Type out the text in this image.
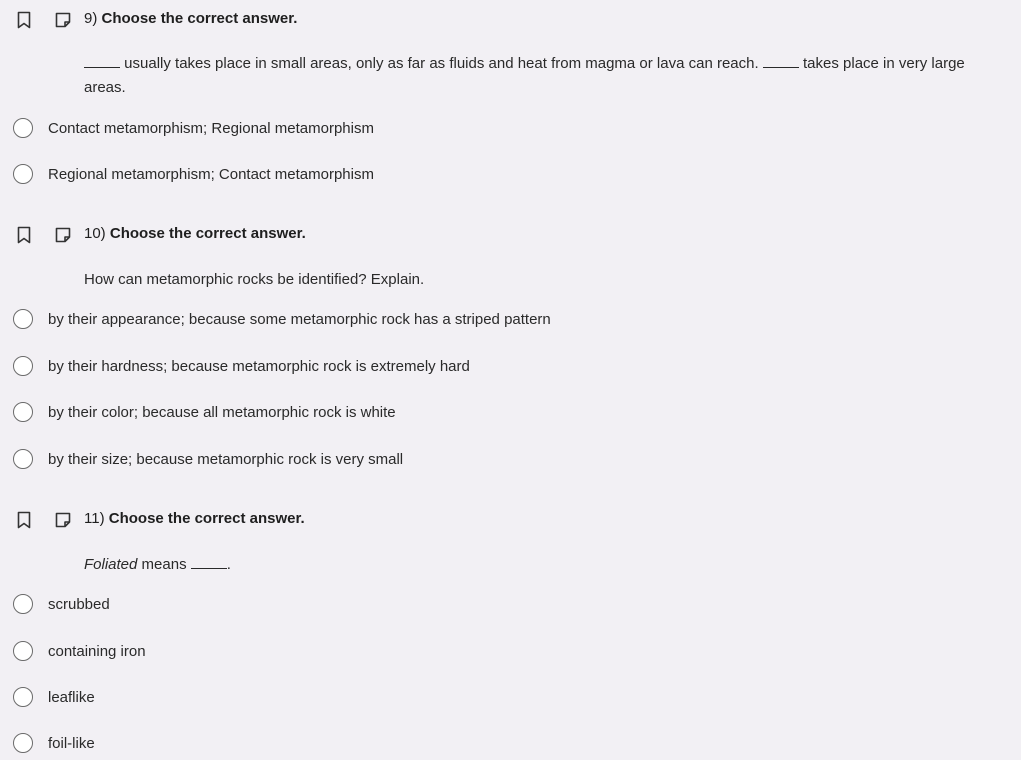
9) Choose the correct answer.
usually takes place in small areas, only as far as fluids and heat from magma or lava can reach.	takes place in very large areas.
Contact metamorphism; Regional metamorphism
Regional metamorphism; Contact metamorphism
10) Choose the correct answer.
How can metamorphic rocks be identified? Explain.
by their appearance; because some metamorphic rock has a striped pattern
by their hardness; because metamorphic rock is extremely hard
by their color; because all metamorphic rock is white
by their size; because metamorphic rock is very small
11) Choose the correct answer.
Foliated means	.
scrubbed
containing iron
leaflike
foil-like
